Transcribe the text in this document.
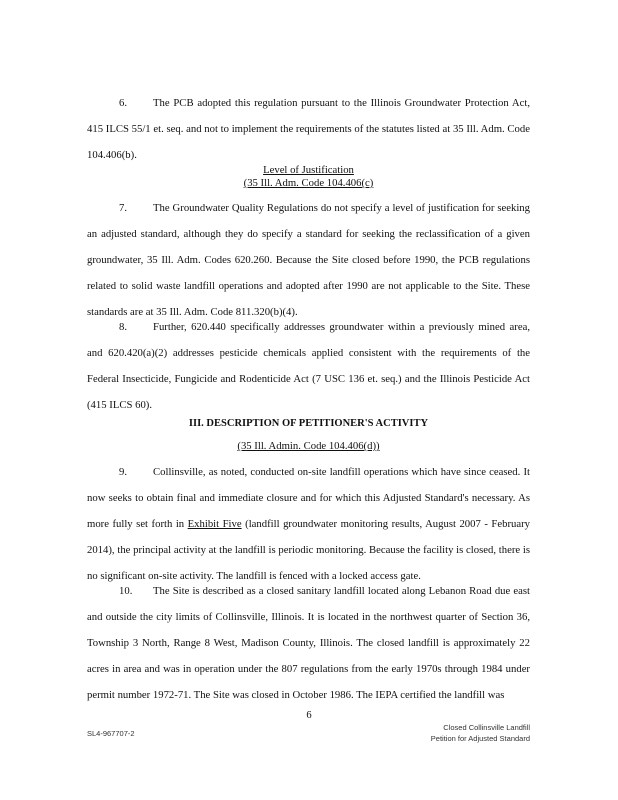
6. The PCB adopted this regulation pursuant to the Illinois Groundwater Protection Act, 415 ILCS 55/1 et. seq. and not to implement the requirements of the statutes listed at 35 Ill. Adm. Code 104.406(b).

Level of Justification

(35 Ill. Adm. Code 104.406(c)

7. The Groundwater Quality Regulations do not specify a level of justification for seeking an adjusted standard, although they do specify a standard for seeking the reclassification of a given groundwater, 35 Ill. Adm. Codes 620.260. Because the Site closed before 1990, the PCB regulations related to solid waste landfill operations and adopted after 1990 are not applicable to the Site. These standards are at 35 Ill. Adm. Code 811.320(b)(4).

8. Further, 620.440 specifically addresses groundwater within a previously mined area, and 620.420(a)(2) addresses pesticide chemicals applied consistent with the requirements of the Federal Insecticide, Fungicide and Rodenticide Act (7 USC 136 et. seq.) and the Illinois Pesticide Act (415 ILCS 60).

III. DESCRIPTION OF PETITIONER'S ACTIVITY

(35 Ill. Admin. Code 104.406(d))

9. Collinsville, as noted, conducted on-site landfill operations which have since ceased. It now seeks to obtain final and immediate closure and for which this Adjusted Standard's necessary. As more fully set forth in Exhibit Five (landfill groundwater monitoring results, August 2007 - February 2014), the principal activity at the landfill is periodic monitoring. Because the facility is closed, there is no significant on-site activity. The landfill is fenced with a locked access gate.

10. The Site is described as a closed sanitary landfill located along Lebanon Road due east and outside the city limits of Collinsville, Illinois. It is located in the northwest quarter of Section 36, Township 3 North, Range 8 West, Madison County, Illinois. The closed landfill is approximately 22 acres in area and was in operation under the 807 regulations from the early 1970s through 1984 under permit number 1972-71. The Site was closed in October 1986. The IEPA certified the landfill was

6
SL4-967707-2
Closed Collinsville Landfill
Petition for Adjusted Standard
